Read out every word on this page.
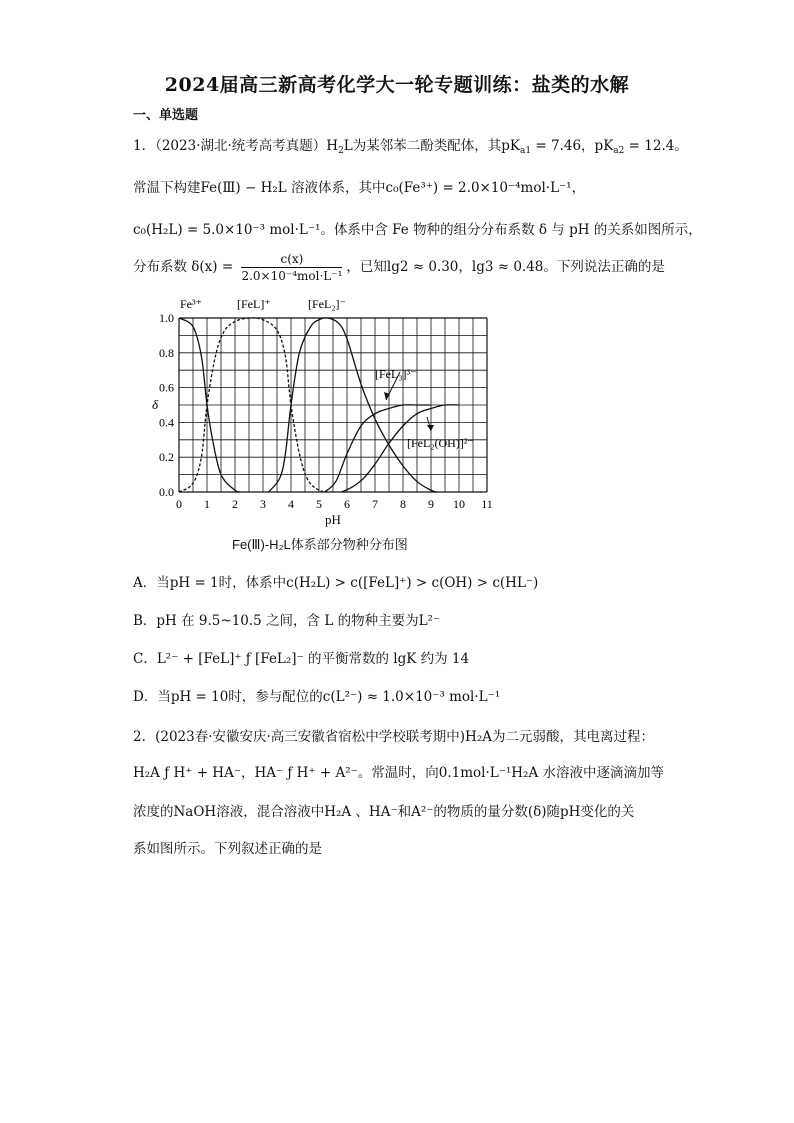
2024届高三新高考化学大一轮专题训练：盐类的水解
一、单选题
1．（2023·湖北·统考高考真题）$H_2L$为某邻苯二酚类配体，其$pK_{a1} = 7.46$，$pK_{a2} = 12.4$。
常温下构建Fe(Ⅲ) − H₂L 溶液体系，其中c₀(Fe³⁺) = 2.0×10⁻⁴mol·L⁻¹，
c₀(H₂L) = 5.0×10⁻³ mol·L⁻¹。体系中含 Fe 物种的组分分布系数 δ 与 pH 的关系如图所示，
分布系数 $\delta(x) = \frac{c(x)}{\text{2.0×10⁻⁴mol·L⁻¹}}$ ，已知lg2 ≈ 0.30，lg3 ≈ 0.48。下列说法正确的是
0 1 2 3 4 5 6 7 8 9 10 11
0.0
0.2
0.4
0.6
0.8
1.0
δ
pH
Fe³⁺	[FeL]⁺	[FeL₂]⁻
[FeL₃]³⁻
[FeL₂(OH)]²⁻
Fe(Ⅲ)-H₂L体系部分物种分布图
A．当pH = 1时，体系中c(H₂L) > c([FeL]⁺) > c(OH) > c(HL⁻)
B．pH 在 9.5~10.5 之间，含 L 的物种主要为L²⁻
C．L²⁻ + [FeL]⁺ ƒ [FeL₂]⁻ 的平衡常数的 lgK 约为 14
D．当pH = 10时，参与配位的c(L²⁻) ≈ 1.0×10⁻³ mol·L⁻¹
2．(2023春·安徽安庆·高三安徽省宿松中学校联考期中)H₂A为二元弱酸，其电离过程：
H₂A ƒ H⁺ + HA⁻，HA⁻ ƒ H⁺ + A²⁻。常温时，向0.1mol·L⁻¹H₂A 水溶液中逐滴滴加等
浓度的NaOH溶液，混合溶液中H₂A 、HA⁻和A²⁻的物质的量分数(δ)随pH变化的关
系如图所示。下列叙述正确的是
